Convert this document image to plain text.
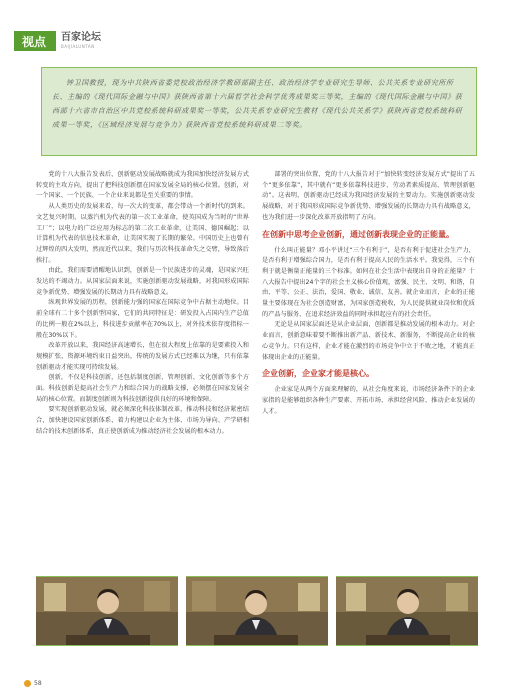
视点	百家论坛
BAIJIALUNTAN

钟卫国教授，现为中共陕西省委党校政治经济学教研部副主任、政治经济学专业研究生导师、公共关系专业研究所所长、主编的《现代国际金融与中国》获陕西省第十六届哲学社会科学优秀成果奖三等奖，主编的《现代国际金融与中国》获西部十六省市自治区中共党校系统科研成果奖一等奖，公共关系专业研究生教材《现代公共关系学》获陕西省党校系统科研成果一等奖，《区域经济发展与竞争力》获陕西省党校系统科研成果二等奖。

党的十八大报告发表后，创新驱动发展战略就成为我国加快经济发展方式转变的主攻方向，提出了把科技创新摆在国家发展全局的核心位置。创新，对一个国家、一个民族、一个企业来说都是至关重要的事情。

从人类历史的发展来看，每一次大的变革，都会带动一个新时代的到来。文艺复兴时期，以蒸汽机为代表的第一次工业革命，使英国成为当时的“世界工厂”；以电力的广泛应用为标志的第二次工业革命，让美国、德国崛起；以计算机为代表的信息技术革命，让美国实现了长期的繁荣。中国历史上也曾有过辉煌的四大发明，然而近代以来，我们与历次科技革命失之交臂，导致落后挨打。

由此，我们需要清醒地认识到，创新是一个民族进步的灵魂，是国家兴旺发达的不竭动力。从国家层面来说，实施创新驱动发展战略，对我国形成国际竞争新优势、增强发展的长期动力具有战略意义。

纵观世界发展的历程，创新能力强的国家在国际竞争中占据主动地位。目前全球有二十多个创新型国家，它们的共同特征是：研发投入占国内生产总值的比例一般在2%以上，科技进步贡献率在70%以上，对外技术依存度指标一般在30%以下。

改革开放以来，我国经济高速增长，但在很大程度上依靠的是要素投入和规模扩张，资源环境约束日益突出，传统的发展方式已经难以为继，只有依靠创新驱动才能实现可持续发展。

创新，不仅是科技创新，还包括制度创新、管理创新、文化创新等多个方面。科技创新是提高社会生产力和综合国力的战略支撑，必须摆在国家发展全局的核心位置。而制度创新则为科技创新提供良好的环境和保障。

要实现创新驱动发展，就必须深化科技体制改革，推动科技和经济紧密结合，加快建设国家创新体系，着力构建以企业为主体、市场为导向、产学研相结合的技术创新体系，真正使创新成为推动经济社会发展的根本动力。

部署的突出位置，党的十八大报告对于“加快转变经济发展方式”提出了五个“更多依靠”，其中就有“更多依靠科技进步、劳动者素质提高、管理创新驱动”。这表明，创新驱动已经成为我国经济发展的主要动力。实施创新驱动发展战略，对于我国形成国际竞争新优势、增强发展的长期动力具有战略意义，也为我们进一步深化改革开放指明了方向。

在创新中思考企业创新，通过创新表现企业的正能量。

什么叫正能量？邓小平讲过“三个有利于”，是否有利于促进社会生产力，是否有利于增强综合国力，是否有利于提高人民的生活水平。我觉得，三个有利于就是衡量正能量的三个标准。如何在社会生活中表现出自身的正能量？十八大报告中提出24个字的社会主义核心价值观，富强、民主、文明、和谐，自由、平等、公正、法治，爱国、敬业、诚信、友善。就企业而言，企业的正能量主要体现在为社会创造财富，为国家创造税收，为人民提供就业岗位和优质的产品与服务，在追求经济效益的同时承担起应有的社会责任。

无论是从国家层面还是从企业层面，创新都是推动发展的根本动力。对企业而言，创新意味着要不断推出新产品、新技术、新服务，不断提高企业的核心竞争力。只有这样，企业才能在激烈的市场竞争中立于不败之地，才能真正体现出企业的正能量。

企业创新，企业家才能是核心。

企业家是从两个方面来理解的，从社会角度来说，市场经济条件下的企业家指的是能够组织各种生产要素、开拓市场、承担经营风险、推动企业发展的人才。

58
